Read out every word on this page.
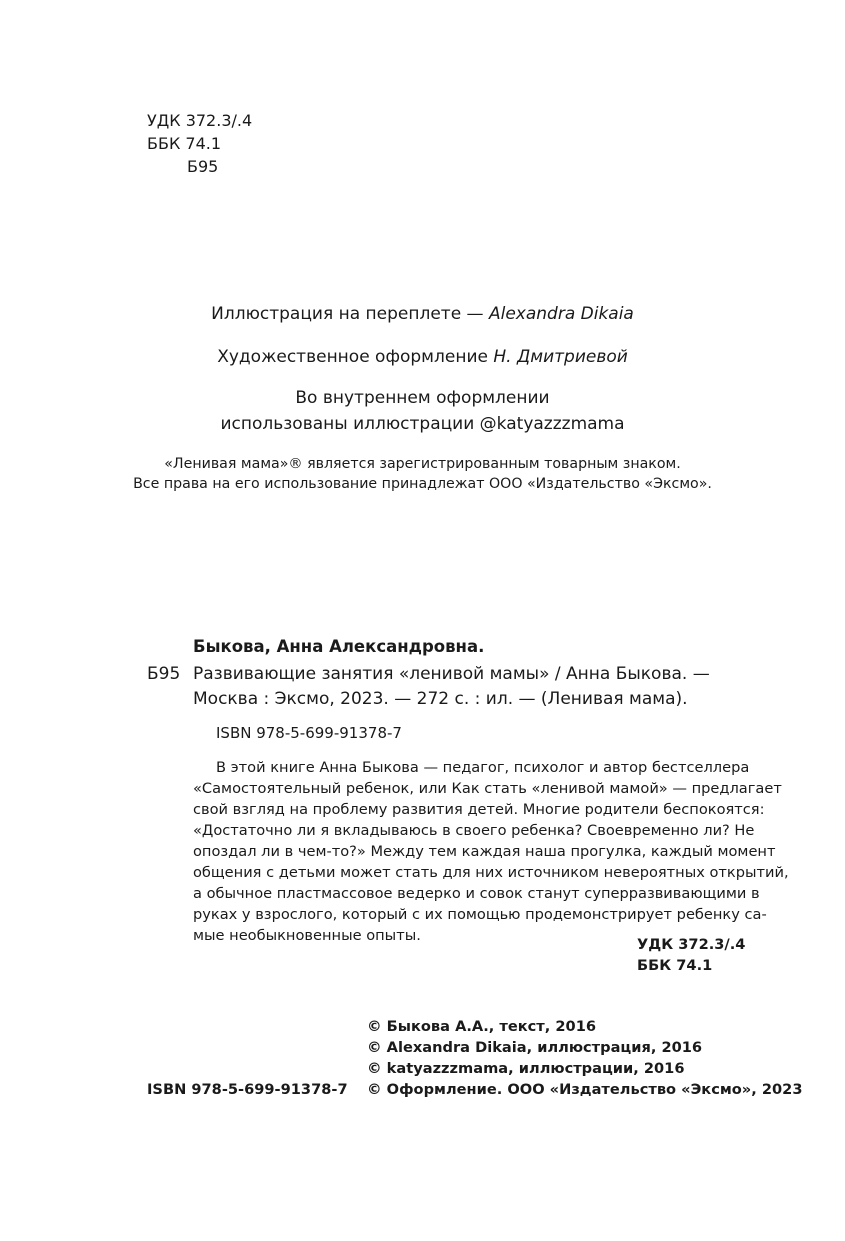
УДК 372.3/.4
ББК 74.1
Б95
Иллюстрация на переплете — Alexandra Dikaia
Художественное оформление Н. Дмитриевой
Во внутреннем оформлении
использованы иллюстрации @katyazzzmama
«Ленивая мама»® является зарегистрированным товарным знаком.
Все права на его использование принадлежат ООО «Издательство «Эксмо».
Быкова, Анна Александровна.
Б95 Развивающие занятия «ленивой мамы» / Анна Быкова. —
Москва : Эксмо, 2023. — 272 с. : ил. — (Ленивая мама).
ISBN 978-5-699-91378-7
В этой книге Анна Быкова — педагог, психолог и автор бестселлера
«Самостоятельный ребенок, или Как стать «ленивой мамой» — предлагает
свой взгляд на проблему развития детей. Многие родители беспокоятся:
«Достаточно ли я вкладываюсь в своего ребенка? Своевременно ли? Не
опоздал ли в чем-то?» Между тем каждая наша прогулка, каждый момент
общения с детьми может стать для них источником невероятных открытий,
а обычное пластмассовое ведерко и совок станут суперразвивающими в
руках у взрослого, который с их помощью продемонстрирует ребенку са-
мые необыкновенные опыты.
УДК 372.3/.4
ББК 74.1
© Быкова А.А., текст, 2016
© Alexandra Dikaia, иллюстрация, 2016
© katyazzzmama, иллюстрации, 2016
© Оформление. ООО «Издательство «Эксмо», 2023
ISBN 978-5-699-91378-7
